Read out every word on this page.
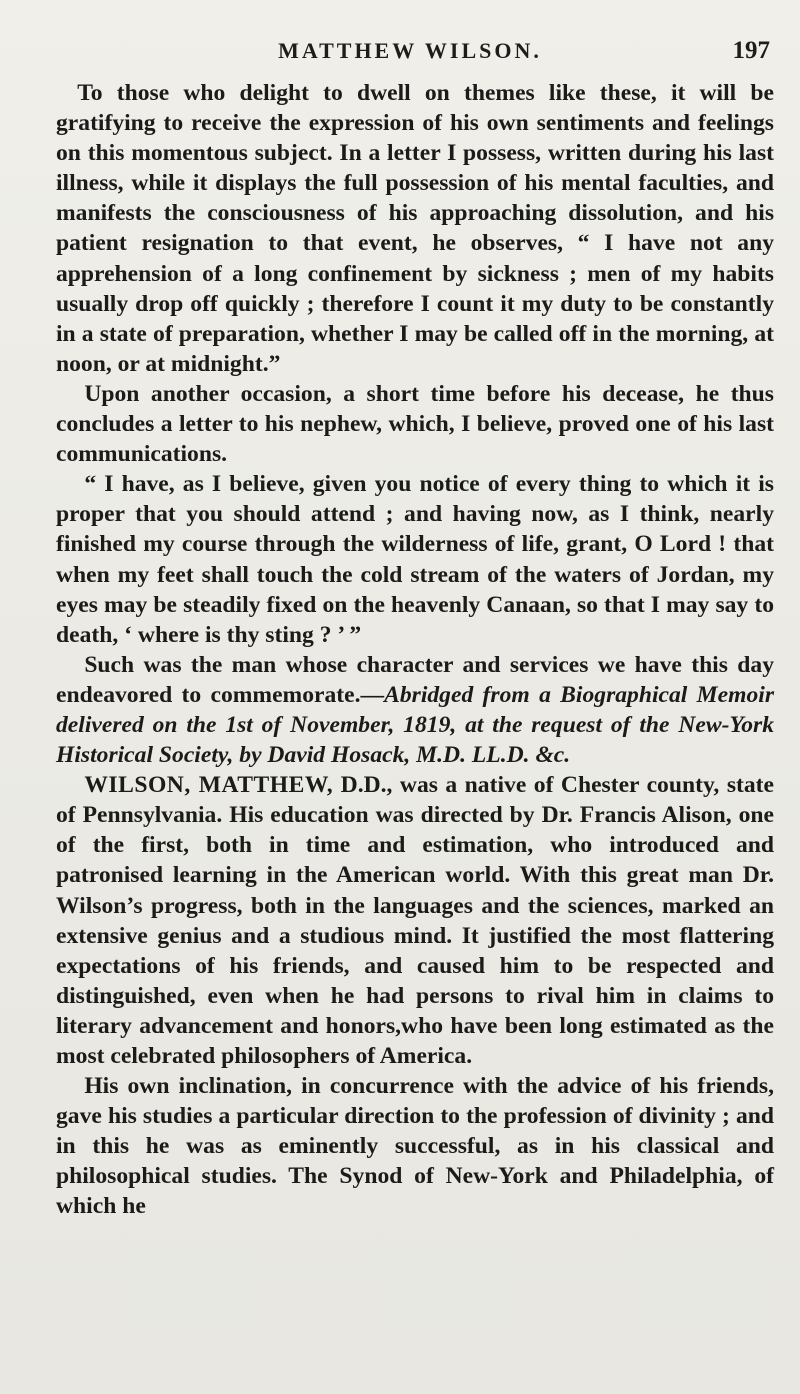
MATTHEW WILSON.	197

To those who delight to dwell on themes like these, it will be gratifying to receive the expression of his own sentiments and feelings on this momentous subject. In a letter I possess, written during his last illness, while it displays the full possession of his mental faculties, and manifests the consciousness of his approaching dissolution, and his patient resignation to that event, he observes, “ I have not any apprehension of a long confinement by sickness ; men of my habits usually drop off quickly ; therefore I count it my duty to be constantly in a state of preparation, whether I may be called off in the morning, at noon, or at midnight.”

Upon another occasion, a short time before his decease, he thus concludes a letter to his nephew, which, I believe, proved one of his last communications.

“ I have, as I believe, given you notice of every thing to which it is proper that you should attend ; and having now, as I think, nearly finished my course through the wilderness of life, grant, O Lord ! that when my feet shall touch the cold stream of the waters of Jordan, my eyes may be steadily fixed on the heavenly Canaan, so that I may say to death, ‘ where is thy sting ? ’ ”

Such was the man whose character and services we have this day endeavored to commemorate.—Abridged from a Biographical Memoir delivered on the 1st of November, 1819, at the request of the New-York Historical Society, by David Hosack, M.D. LL.D. &c.

WILSON, MATTHEW, D.D., was a native of Chester county, state of Pennsylvania. His education was directed by Dr. Francis Alison, one of the first, both in time and estimation, who introduced and patronised learning in the American world. With this great man Dr. Wilson’s progress, both in the languages and the sciences, marked an extensive genius and a studious mind. It justified the most flattering expectations of his friends, and caused him to be respected and distinguished, even when he had persons to rival him in claims to literary advancement and honors,who have been long estimated as the most celebrated philosophers of America.

His own inclination, in concurrence with the advice of his friends, gave his studies a particular direction to the profession of divinity ; and in this he was as eminently successful, as in his classical and philosophical studies. The Synod of New-York and Philadelphia, of which he
